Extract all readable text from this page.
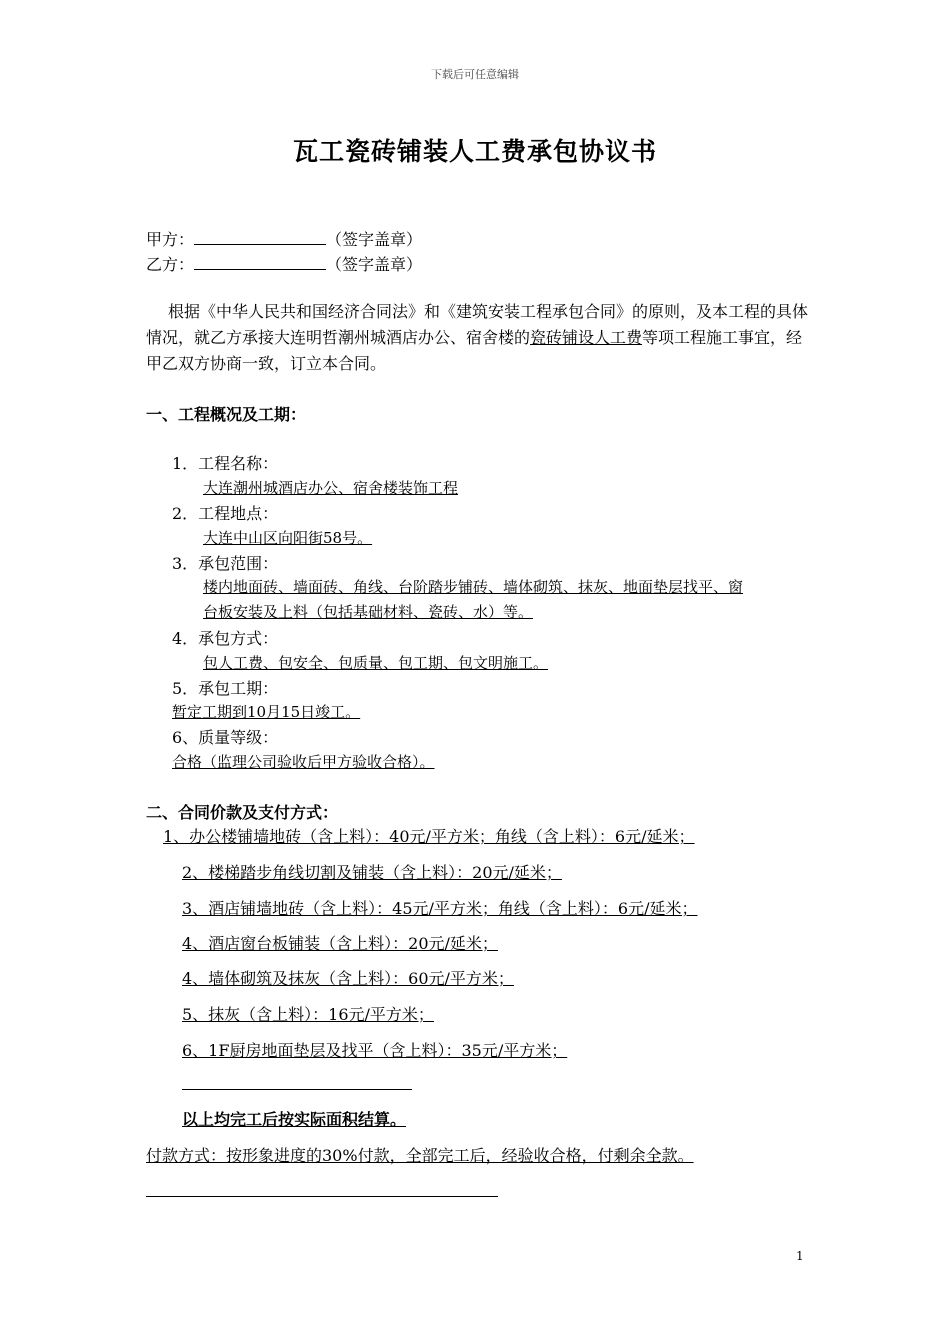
下载后可任意编辑
瓦工瓷砖铺装人工费承包协议书
甲方：	（签字盖章）
乙方：	（签字盖章）
根据《中华人民共和国经济合同法》和《建筑安装工程承包合同》的原则，及本工程的具体情况，就乙方承接大连明哲潮州城酒店办公、宿舍楼的瓷砖铺设人工费等项工程施工事宜，经甲乙双方协商一致，订立本合同。
一、工程概况及工期：
1．工程名称：
大连潮州城酒店办公、宿舍楼装饰工程
2．工程地点：
大连中山区向阳街58号。
3．承包范围：
楼内地面砖、墙面砖、角线、台阶踏步铺砖、墙体砌筑、抹灰、地面垫层找平、窗
台板安装及上料（包括基础材料、瓷砖、水）等。
4．承包方式：
包人工费、包安全、包质量、包工期、包文明施工。
5．承包工期：
暂定工期到10月15日竣工。
6、质量等级：
合格（监理公司验收后甲方验收合格）。
二、合同价款及支付方式：
1、办公楼铺墙地砖（含上料）：40元/平方米；角线（含上料）：6元/延米；
2、楼梯踏步角线切割及铺装（含上料）：20元/延米；
3、酒店铺墙地砖（含上料）：45元/平方米；角线（含上料）：6元/延米；
4、酒店窗台板铺装（含上料）：20元/延米；
4、墙体砌筑及抹灰（含上料）：60元/平方米；
5、抹灰（含上料）：16元/平方米；
6、1F厨房地面垫层及找平（含上料）：35元/平方米；
以上均完工后按实际面积结算。
付款方式：按形象进度的30%付款，全部完工后，经验收合格，付剩余全款。
1
